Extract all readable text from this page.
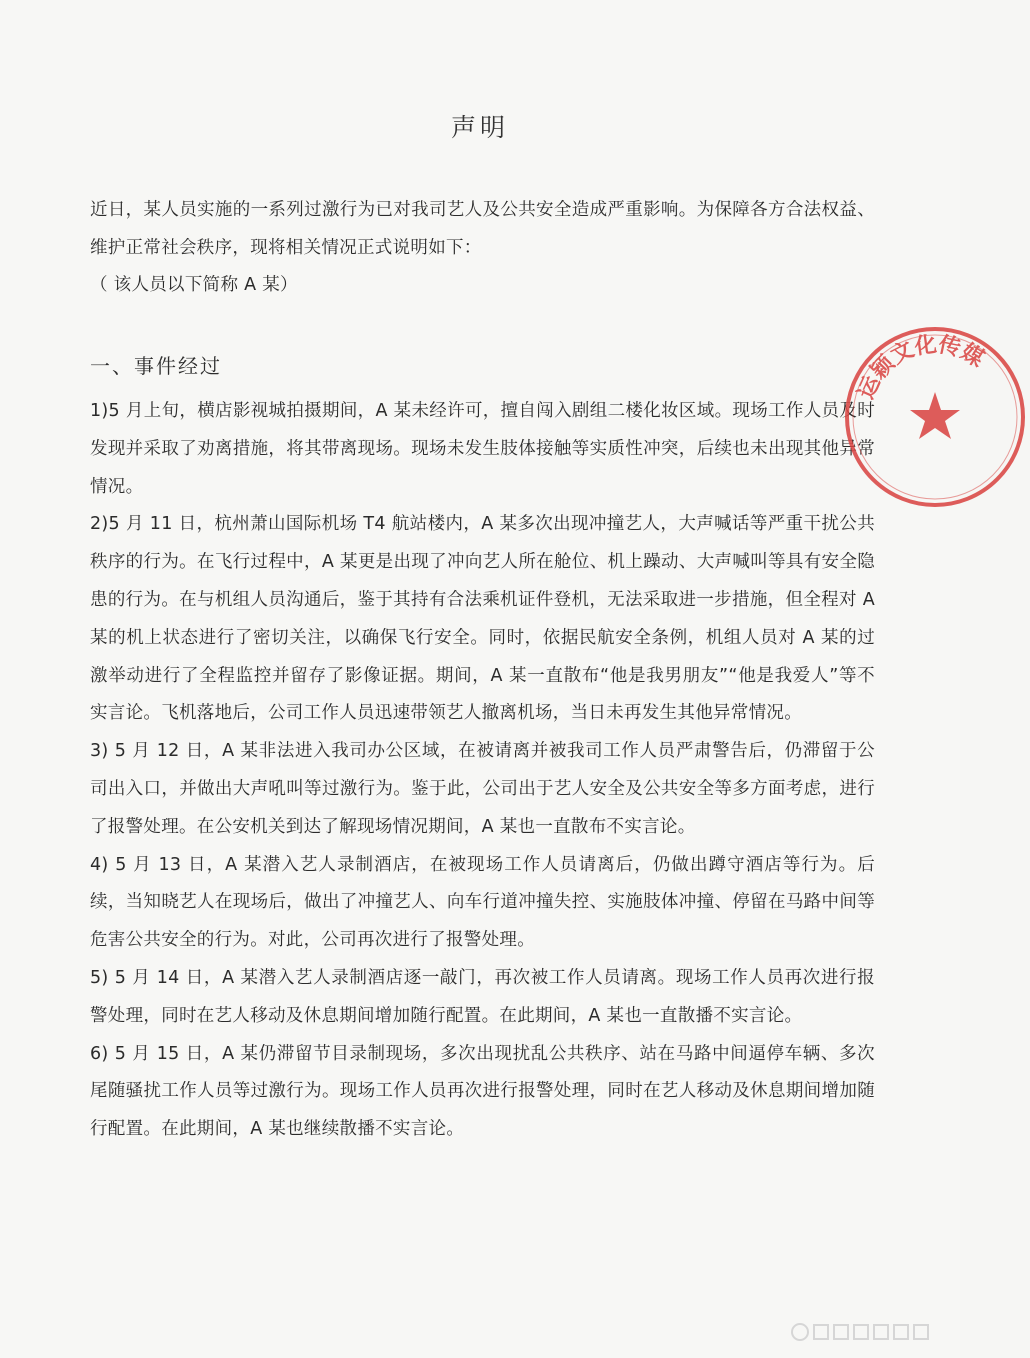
声明

近日，某人员实施的一系列过激行为已对我司艺人及公共安全造成严重影响。为保障各方合法权益、维护正常社会秩序，现将相关情况正式说明如下：

（ 该人员以下简称 A 某）

一、事件经过

1)5 月上旬，横店影视城拍摄期间，A 某未经许可，擅自闯入剧组二楼化妆区域。现场工作人员及时发现并采取了劝离措施，将其带离现场。现场未发生肢体接触等实质性冲突，后续也未出现其他异常情况。

2)5 月 11 日，杭州萧山国际机场 T4 航站楼内，A 某多次出现冲撞艺人，大声喊话等严重干扰公共秩序的行为。在飞行过程中，A 某更是出现了冲向艺人所在舱位、机上躁动、大声喊叫等具有安全隐患的行为。在与机组人员沟通后，鉴于其持有合法乘机证件登机，无法采取进一步措施，但全程对 A 某的机上状态进行了密切关注，以确保飞行安全。同时，依据民航安全条例，机组人员对 A 某的过激举动进行了全程监控并留存了影像证据。期间，A 某一直散布“他是我男朋友”“他是我爱人”等不实言论。飞机落地后，公司工作人员迅速带领艺人撤离机场，当日未再发生其他异常情况。

3) 5 月 12 日，A 某非法进入我司办公区域，在被请离并被我司工作人员严肃警告后，仍滞留于公司出入口，并做出大声吼叫等过激行为。鉴于此，公司出于艺人安全及公共安全等多方面考虑，进行了报警处理。在公安机关到达了解现场情况期间，A 某也一直散布不实言论。

4) 5 月 13 日，A 某潜入艺人录制酒店，在被现场工作人员请离后，仍做出蹲守酒店等行为。后续，当知晓艺人在现场后，做出了冲撞艺人、向车行道冲撞失控、实施肢体冲撞、停留在马路中间等危害公共安全的行为。对此，公司再次进行了报警处理。

5) 5 月 14 日，A 某潜入艺人录制酒店逐一敲门，再次被工作人员请离。现场工作人员再次进行报警处理，同时在艺人移动及休息期间增加随行配置。在此期间，A 某也一直散播不实言论。

6) 5 月 15 日，A 某仍滞留节目录制现场，多次出现扰乱公共秩序、站在马路中间逼停车辆、多次尾随骚扰工作人员等过激行为。现场工作人员再次进行报警处理，同时在艺人移动及休息期间增加随行配置。在此期间，A 某也继续散播不实言论。

运颖文化传媒
